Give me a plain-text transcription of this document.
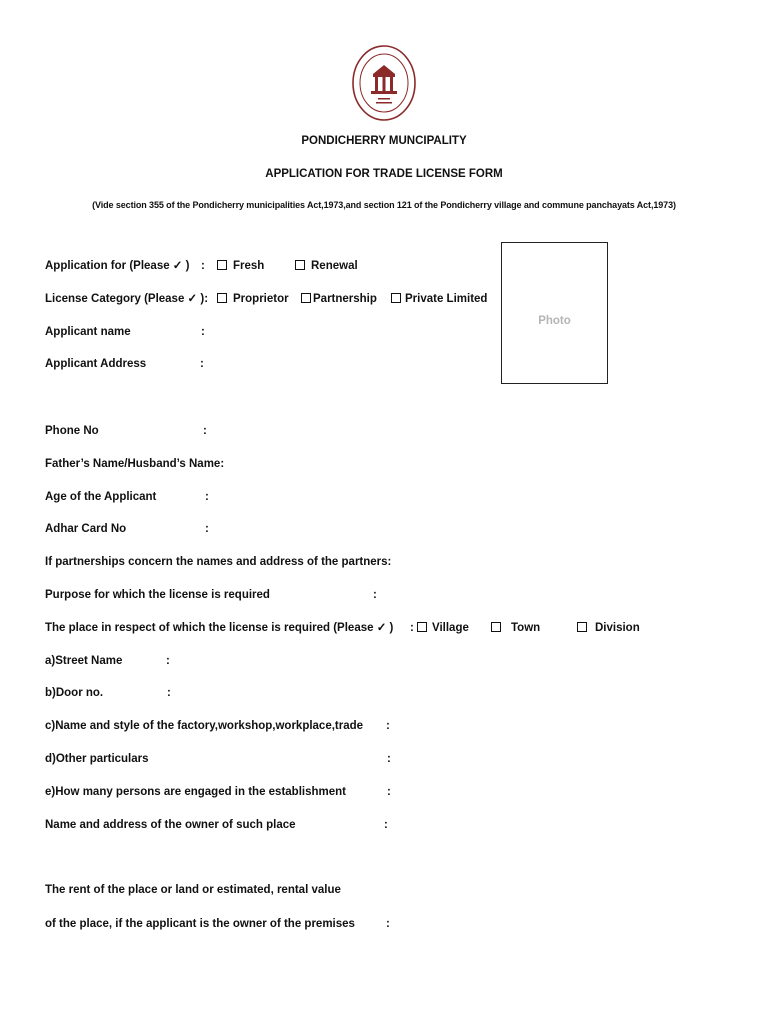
PONDICHERRY MUNCIPALITY
APPLICATION FOR TRADE LICENSE FORM
(Vide section 355 of the Pondicherry municipalities Act,1973,and section 121 of the Pondicherry village and commune panchayats Act,1973)
Photo
Application for (Please ✓ ) :	Fresh	Renewal
License Category (Please ✓ ):	Proprietor	Partnership	Private Limited
Applicant name	:
Applicant Address	:
Phone No	:
Father’s Name/Husband’s Name:
Age of the Applicant	:
Adhar Card No	:
If partnerships concern the names and address of the partners:
Purpose for which the license is required	:
The place in respect of which the license is required (Please ✓ ) :	Village	Town	Division
a)Street Name	:
b)Door no.	:
c)Name and style of the factory,workshop,workplace,trade :
d)Other particulars	:
e)How many persons are engaged in the establishment	:
Name and address of the owner of such place	:
The rent of the place or land or estimated, rental value
of the place, if the applicant is the owner of the premises	:
